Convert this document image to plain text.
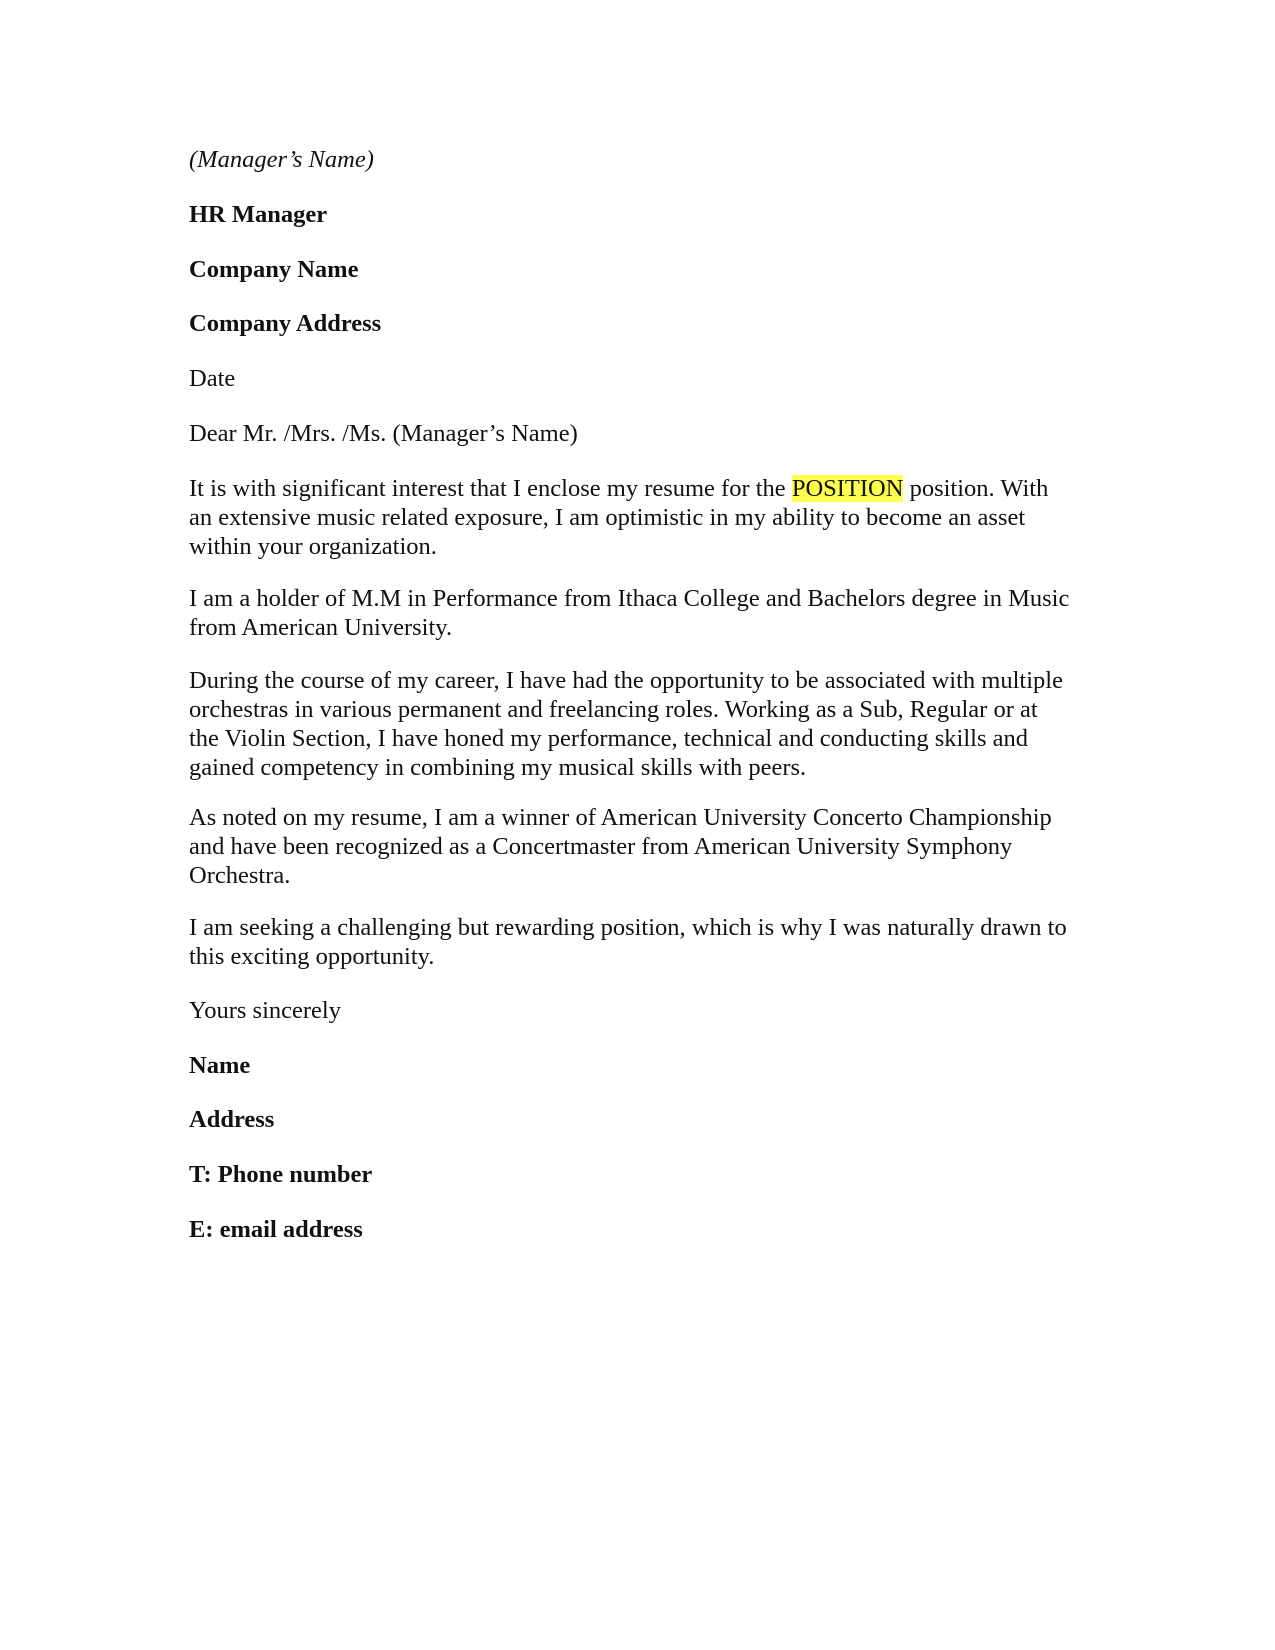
(Manager’s Name)
HR Manager
Company Name
Company Address
Date
Dear Mr. /Mrs. /Ms. (Manager’s Name)
It is with significant interest that I enclose my resume for the POSITION position. With
an extensive music related exposure, I am optimistic in my ability to become an asset
within your organization.
I am a holder of M.M in Performance from Ithaca College and Bachelors degree in Music
from American University.
During the course of my career, I have had the opportunity to be associated with multiple
orchestras in various permanent and freelancing roles. Working as a Sub, Regular or at
the Violin Section, I have honed my performance, technical and conducting skills and
gained competency in combining my musical skills with peers.
As noted on my resume, I am a winner of American University Concerto Championship
and have been recognized as a Concertmaster from American University Symphony
Orchestra.
I am seeking a challenging but rewarding position, which is why I was naturally drawn to
this exciting opportunity.
Yours sincerely
Name
Address
T: Phone number
E: email address
